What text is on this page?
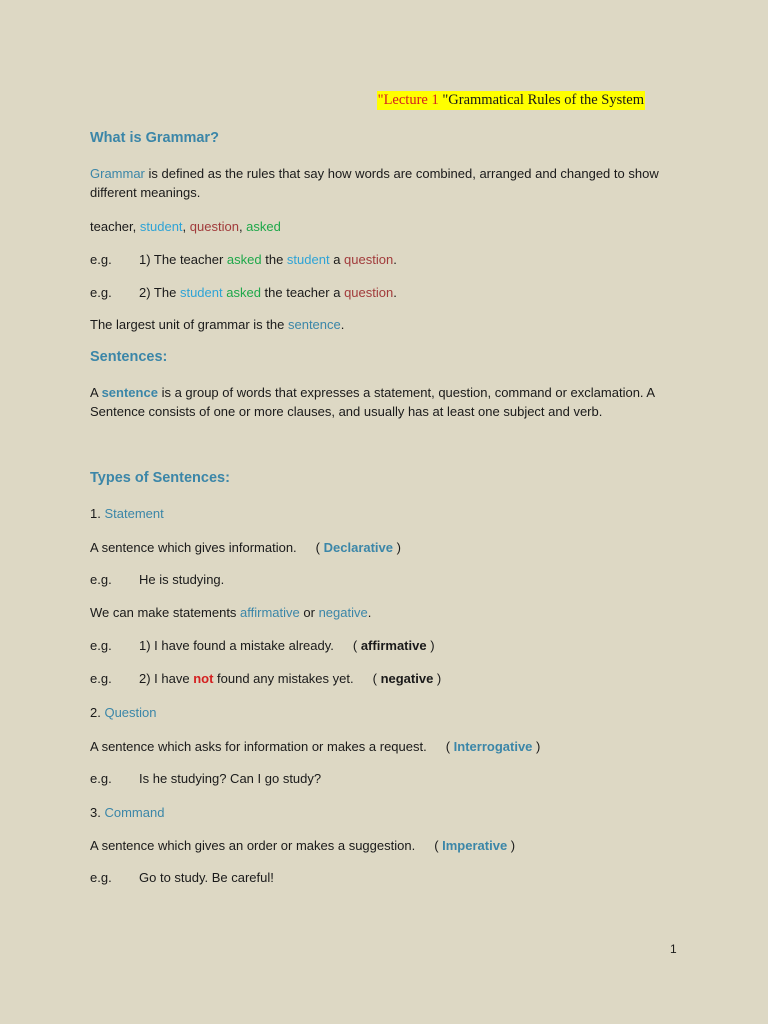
"Lecture 1 "Grammatical Rules of the System
What is Grammar?
Grammar is defined as the rules that say how words are combined, arranged and changed to show
different meanings.
teacher, student, question, asked
e.g. 1) The teacher asked the student a question.
e.g. 2) The student asked the teacher a question.
The largest unit of grammar is the sentence.
Sentences:
A sentence is a group of words that expresses a statement, question, command or exclamation. A
Sentence consists of one or more clauses, and usually has at least one subject and verb.
Types of Sentences:
1. Statement
A sentence which gives information. ( Declarative )
e.g. He is studying.
We can make statements affirmative or negative.
e.g. 1) I have found a mistake already. ( affirmative )
e.g. 2) I have not found any mistakes yet. ( negative )
2. Question
A sentence which asks for information or makes a request. ( Interrogative )
e.g. Is he studying? Can I go study?
3. Command
A sentence which gives an order or makes a suggestion. ( Imperative )
e.g. Go to study. Be careful!
1
